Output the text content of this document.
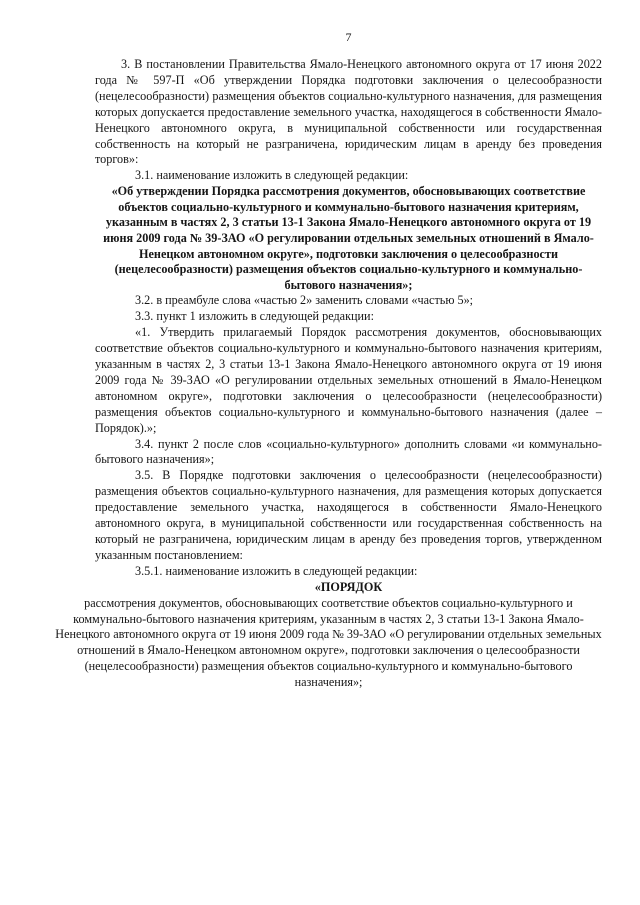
7

3. В постановлении Правительства Ямало-Ненецкого автономного округа от 17 июня 2022 года № 597-П «Об утверждении Порядка подготовки заключения о целесообразности (нецелесообразности) размещения объектов социально-культурного назначения, для размещения которых допускается предоставление земельного участка, находящегося в собственности Ямало-Ненецкого автономного округа, в муниципальной собственности или государственная собственность на который не разграничена, юридическим лицам в аренду без проведения торгов»:

3.1. наименование изложить в следующей редакции:

«Об утверждении Порядка рассмотрения документов, обосновывающих соответствие объектов социально-культурного и коммунально-бытового назначения критериям, указанным в частях 2, 3 статьи 13-1 Закона Ямало-Ненецкого автономного округа от 19 июня 2009 года № 39-ЗАО «О регулировании отдельных земельных отношений в Ямало-Ненецком автономном округе», подготовки заключения о целесообразности (нецелесообразности) размещения объектов социально-культурного и коммунально-бытового назначения»;

3.2. в преамбуле слова «частью 2» заменить словами «частью 5»;

3.3. пункт 1 изложить в следующей редакции:

«1. Утвердить прилагаемый Порядок рассмотрения документов, обосновывающих соответствие объектов социально-культурного и коммунально-бытового назначения критериям, указанным в частях 2, 3 статьи 13-1 Закона Ямало-Ненецкого автономного округа от 19 июня 2009 года № 39-ЗАО «О регулировании отдельных земельных отношений в Ямало-Ненецком автономном округе», подготовки заключения о целесообразности (нецелесообразности) размещения объектов социально-культурного и коммунально-бытового назначения (далее – Порядок).»;

3.4. пункт 2 после слов «социально-культурного» дополнить словами «и коммунально-бытового назначения»;

3.5. В Порядке подготовки заключения о целесообразности (нецелесообразности) размещения объектов социально-культурного назначения, для размещения которых допускается предоставление земельного участка, находящегося в собственности Ямало-Ненецкого автономного округа, в муниципальной собственности или государственная собственность на который не разграничена, юридическим лицам в аренду без проведения торгов, утвержденном указанным постановлением:

3.5.1. наименование изложить в следующей редакции:

«ПОРЯДОК

рассмотрения документов, обосновывающих соответствие объектов социально-культурного и коммунально-бытового назначения критериям, указанным в частях 2, 3 статьи 13-1 Закона Ямало-Ненецкого автономного округа от 19 июня 2009 года № 39-ЗАО «О регулировании отдельных земельных отношений в Ямало-Ненецком автономном округе», подготовки заключения о целесообразности (нецелесообразности) размещения объектов социально-культурного и коммунально-бытового назначения»;
